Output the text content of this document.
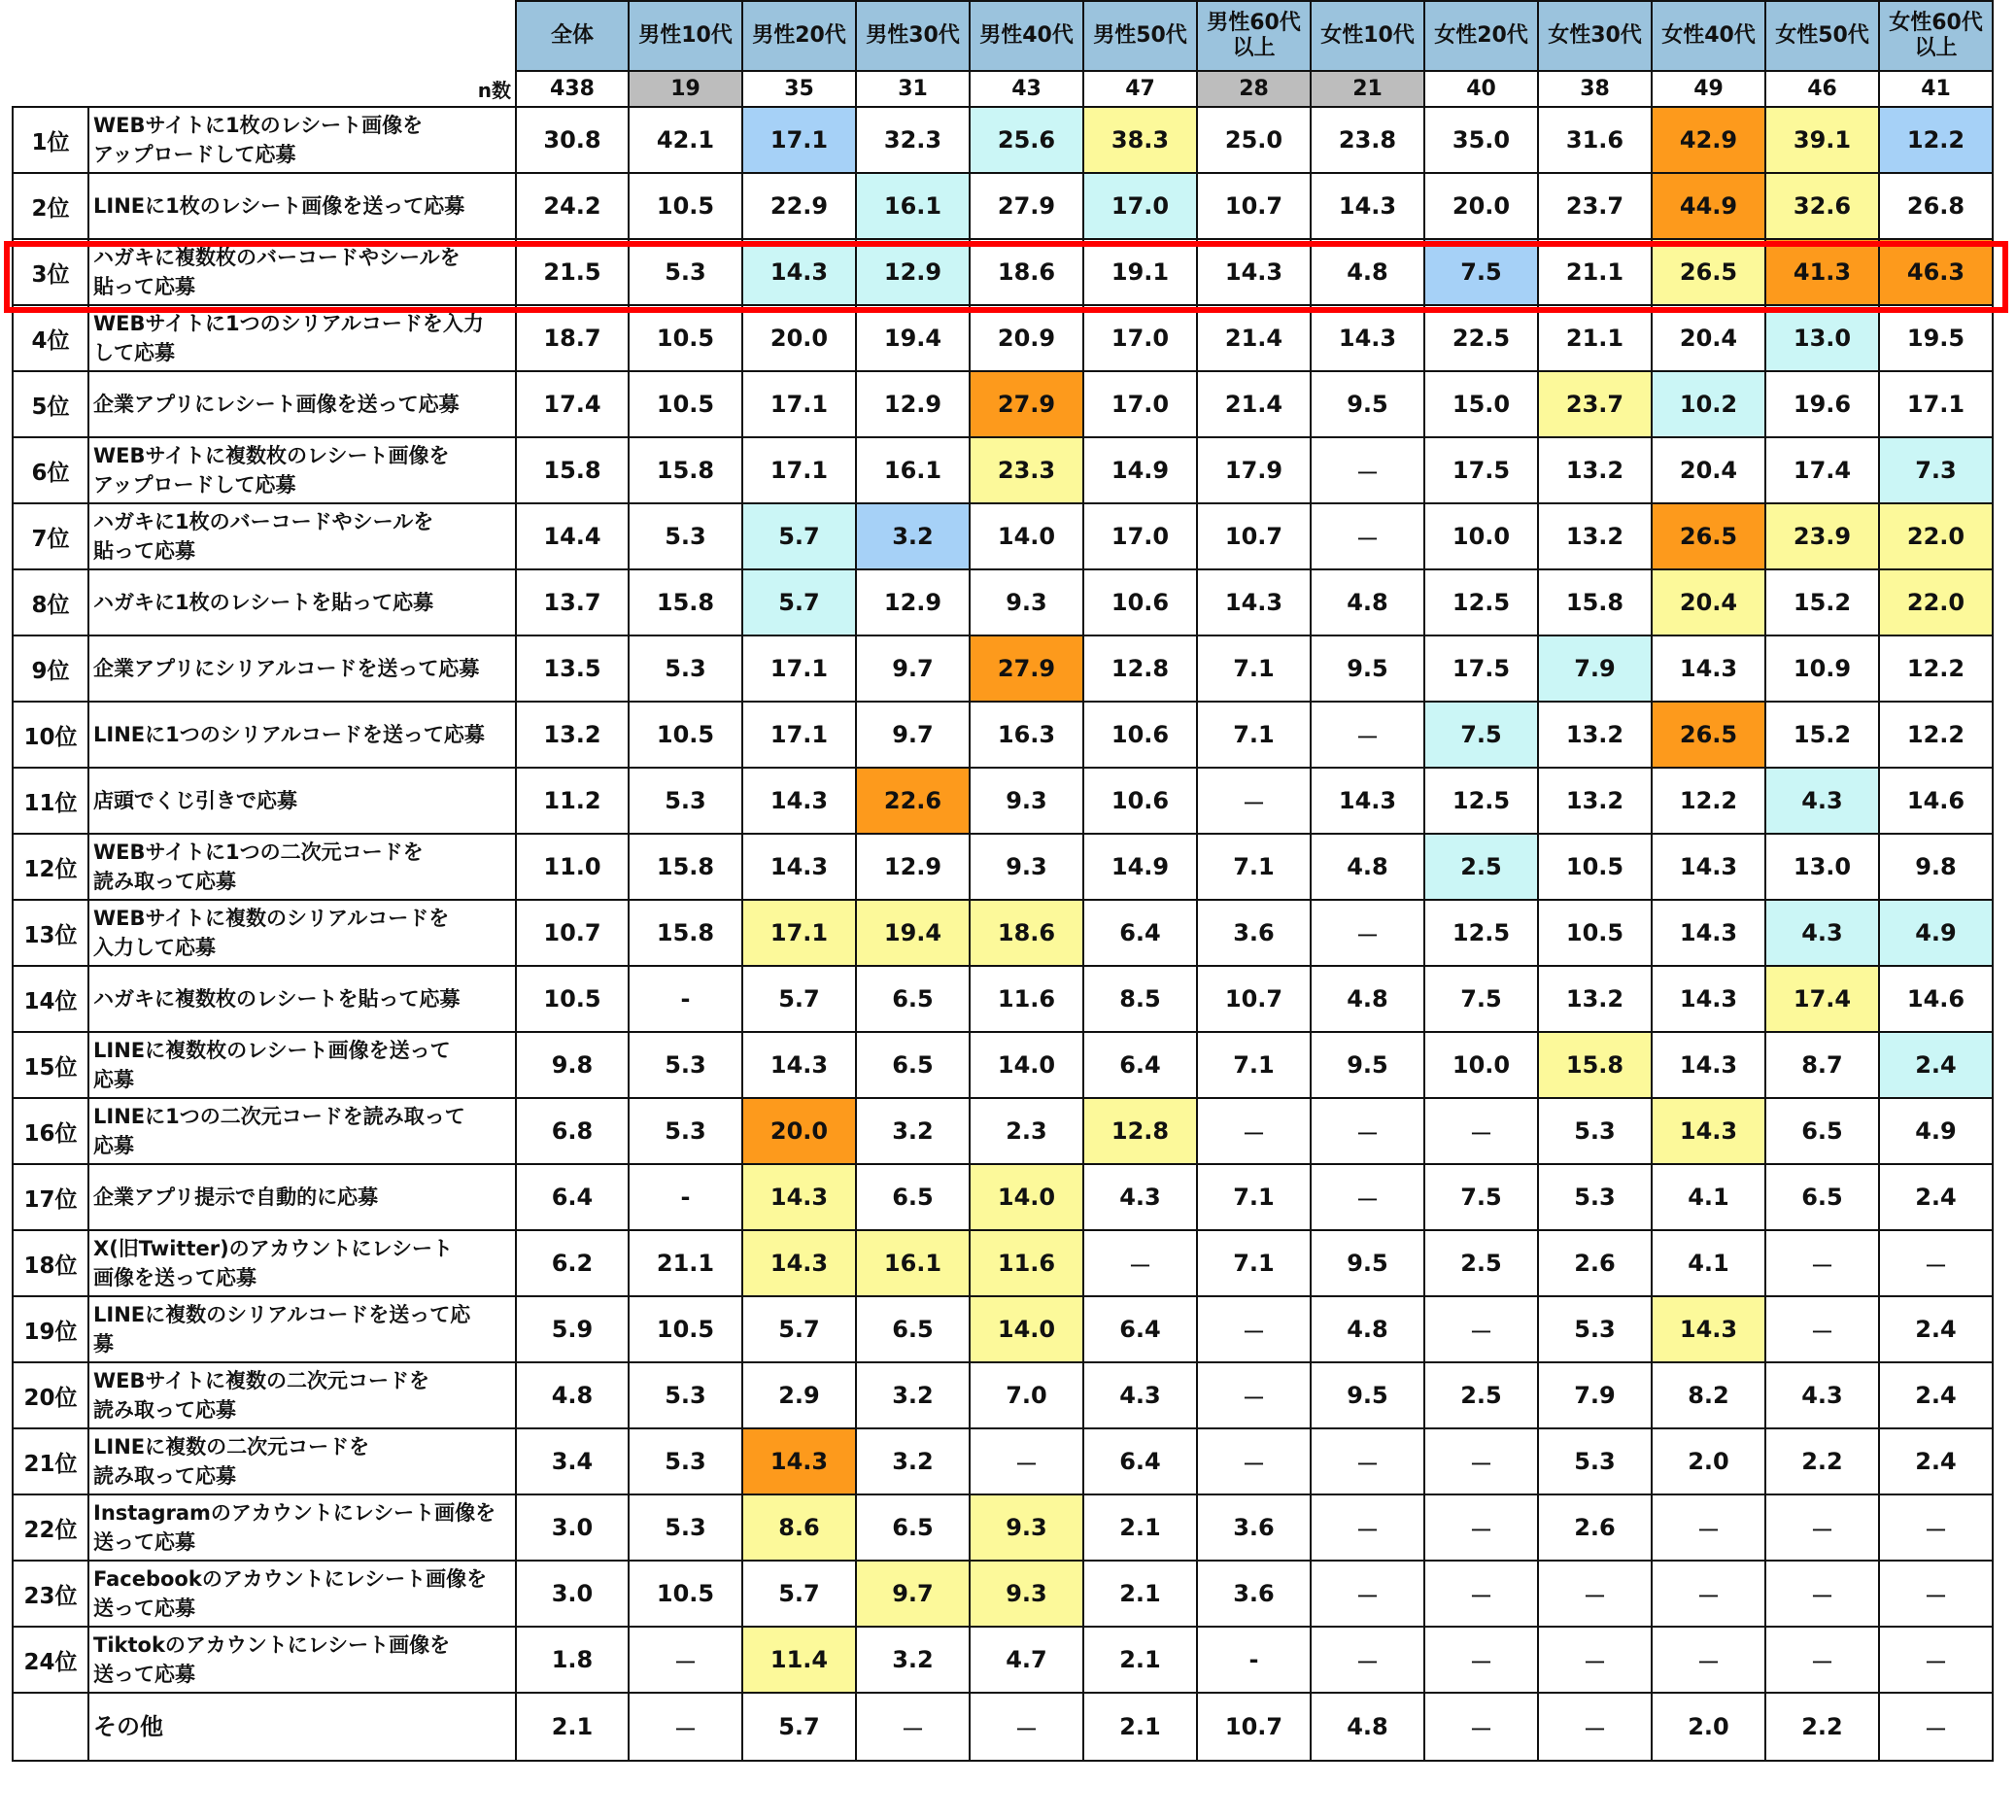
		全体	男性10代	男性20代	男性30代	男性40代	男性50代	男性60代以上	女性10代	女性20代	女性30代	女性40代	女性50代	女性60代以上
	n数	438	19	35	31	43	47	28	21	40	38	49	46	41
1位	WEBサイトに1枚のレシート画像を
アップロードして応募	30.8	42.1	17.1	32.3	25.6	38.3	25.0	23.8	35.0	31.6	42.9	39.1	12.2
2位	LINEに1枚のレシート画像を送って応募	24.2	10.5	22.9	16.1	27.9	17.0	10.7	14.3	20.0	23.7	44.9	32.6	26.8
3位	ハガキに複数枚のバーコードやシールを
貼って応募	21.5	5.3	14.3	12.9	18.6	19.1	14.3	4.8	7.5	21.1	26.5	41.3	46.3
4位	WEBサイトに1つのシリアルコードを入力
して応募	18.7	10.5	20.0	19.4	20.9	17.0	21.4	14.3	22.5	21.1	20.4	13.0	19.5
5位	企業アプリにレシート画像を送って応募	17.4	10.5	17.1	12.9	27.9	17.0	21.4	9.5	15.0	23.7	10.2	19.6	17.1
6位	WEBサイトに複数枚のレシート画像を
アップロードして応募	15.8	15.8	17.1	16.1	23.3	14.9	17.9	－	17.5	13.2	20.4	17.4	7.3
7位	ハガキに1枚のバーコードやシールを
貼って応募	14.4	5.3	5.7	3.2	14.0	17.0	10.7	－	10.0	13.2	26.5	23.9	22.0
8位	ハガキに1枚のレシートを貼って応募	13.7	15.8	5.7	12.9	9.3	10.6	14.3	4.8	12.5	15.8	20.4	15.2	22.0
9位	企業アプリにシリアルコードを送って応募	13.5	5.3	17.1	9.7	27.9	12.8	7.1	9.5	17.5	7.9	14.3	10.9	12.2
10位	LINEに1つのシリアルコードを送って応募	13.2	10.5	17.1	9.7	16.3	10.6	7.1	－	7.5	13.2	26.5	15.2	12.2
11位	店頭でくじ引きで応募	11.2	5.3	14.3	22.6	9.3	10.6	－	14.3	12.5	13.2	12.2	4.3	14.6
12位	WEBサイトに1つの二次元コードを
読み取って応募	11.0	15.8	14.3	12.9	9.3	14.9	7.1	4.8	2.5	10.5	14.3	13.0	9.8
13位	WEBサイトに複数のシリアルコードを
入力して応募	10.7	15.8	17.1	19.4	18.6	6.4	3.6	－	12.5	10.5	14.3	4.3	4.9
14位	ハガキに複数枚のレシートを貼って応募	10.5	-	5.7	6.5	11.6	8.5	10.7	4.8	7.5	13.2	14.3	17.4	14.6
15位	LINEに複数枚のレシート画像を送って
応募	9.8	5.3	14.3	6.5	14.0	6.4	7.1	9.5	10.0	15.8	14.3	8.7	2.4
16位	LINEに1つの二次元コードを読み取って
応募	6.8	5.3	20.0	3.2	2.3	12.8	－	－	－	5.3	14.3	6.5	4.9
17位	企業アプリ提示で自動的に応募	6.4	-	14.3	6.5	14.0	4.3	7.1	－	7.5	5.3	4.1	6.5	2.4
18位	X(旧Twitter)のアカウントにレシート
画像を送って応募	6.2	21.1	14.3	16.1	11.6	－	7.1	9.5	2.5	2.6	4.1	－	－
19位	LINEに複数のシリアルコードを送って応
募	5.9	10.5	5.7	6.5	14.0	6.4	－	4.8	－	5.3	14.3	－	2.4
20位	WEBサイトに複数の二次元コードを
読み取って応募	4.8	5.3	2.9	3.2	7.0	4.3	－	9.5	2.5	7.9	8.2	4.3	2.4
21位	LINEに複数の二次元コードを
読み取って応募	3.4	5.3	14.3	3.2	－	6.4	－	－	－	5.3	2.0	2.2	2.4
22位	Instagramのアカウントにレシート画像を
送って応募	3.0	5.3	8.6	6.5	9.3	2.1	3.6	－	－	2.6	－	－	－
23位	Facebookのアカウントにレシート画像を
送って応募	3.0	10.5	5.7	9.7	9.3	2.1	3.6	－	－	－	－	－	－
24位	Tiktokのアカウントにレシート画像を
送って応募	1.8	－	11.4	3.2	4.7	2.1	-	－	－	－	－	－	－
	その他	2.1	－	5.7	－	－	2.1	10.7	4.8	－	－	2.0	2.2	－
